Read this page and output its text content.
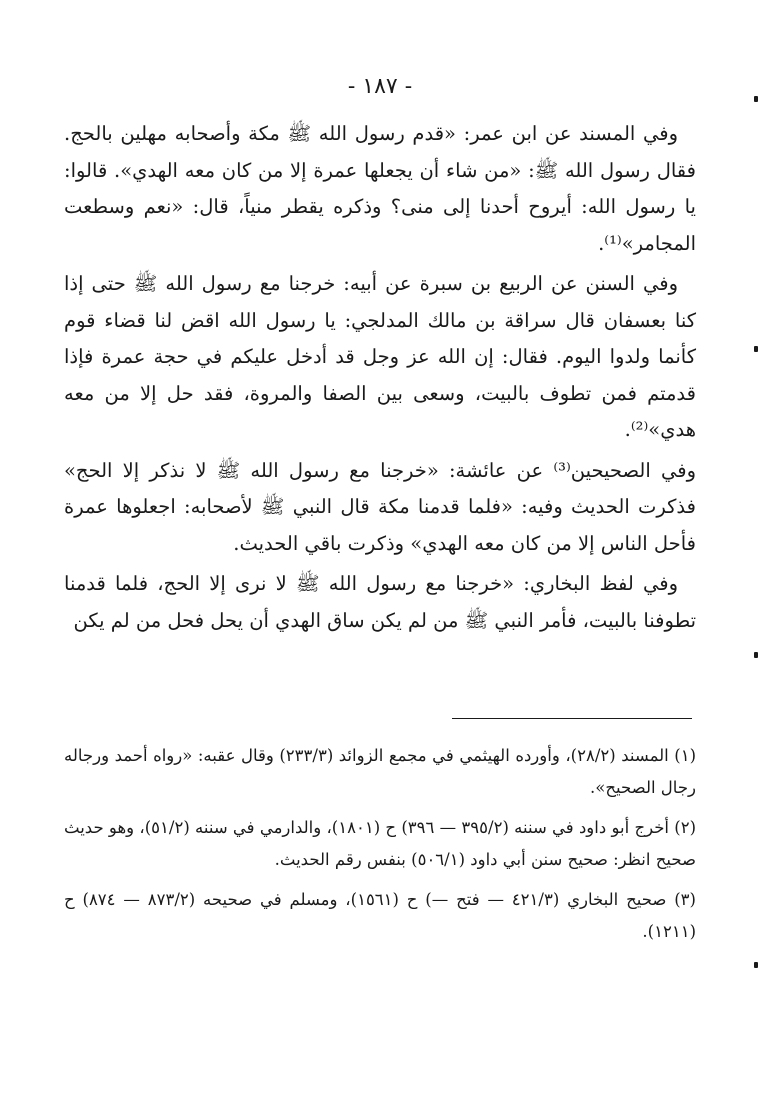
- ١٨٧ -

وفي المسند عن ابن عمر: «قدم رسول الله ﷺ مكة وأصحابه مهلين بالحج. فقال رسول الله ﷺ: «من شاء أن يجعلها عمرة إلا من كان معه الهدي». قالوا: يا رسول الله: أيروح أحدنا إلى منى؟ وذكره يقطر منياً، قال: «نعم وسطعت المجامر»⁽¹⁾.

وفي السنن عن الربيع بن سبرة عن أبيه: خرجنا مع رسول الله ﷺ حتى إذا كنا بعسفان قال سراقة بن مالك المدلجي: يا رسول الله اقض لنا قضاء قوم كأنما ولدوا اليوم. فقال: إن الله عز وجل قد أدخل عليكم في حجة عمرة فإذا قدمتم فمن تطوف بالبيت، وسعى بين الصفا والمروة، فقد حل إلا من معه هدي»⁽²⁾.

وفي الصحيحين⁽³⁾ عن عائشة: «خرجنا مع رسول الله ﷺ لا نذكر إلا الحج» فذكرت الحديث وفيه: «فلما قدمنا مكة قال النبي ﷺ لأصحابه: اجعلوها عمرة فأحل الناس إلا من كان معه الهدي» وذكرت باقي الحديث.

وفي لفظ البخاري: «خرجنا مع رسول الله ﷺ لا نرى إلا الحج، فلما قدمنا تطوفنا بالبيت، فأمر النبي ﷺ من لم يكن ساق الهدي أن يحل فحل من لم يكن

(١) المسند (٢٨/٢)، وأورده الهيثمي في مجمع الزوائد (٢٣٣/٣) وقال عقبه: «رواه أحمد ورجاله رجال الصحيح».

(٢) أخرج أبو داود في سننه (٣٩٥/٢ — ٣٩٦) ح (١٨٠١)، والدارمي في سننه (٥١/٢)، وهو حديث صحيح انظر: صحيح سنن أبي داود (٥٠٦/١) بنفس رقم الحديث.

(٣) صحيح البخاري (٤٢١/٣ — فتح —) ح (١٥٦١)، ومسلم في صحيحه (٨٧٣/٢ — ٨٧٤) ح (١٢١١).
